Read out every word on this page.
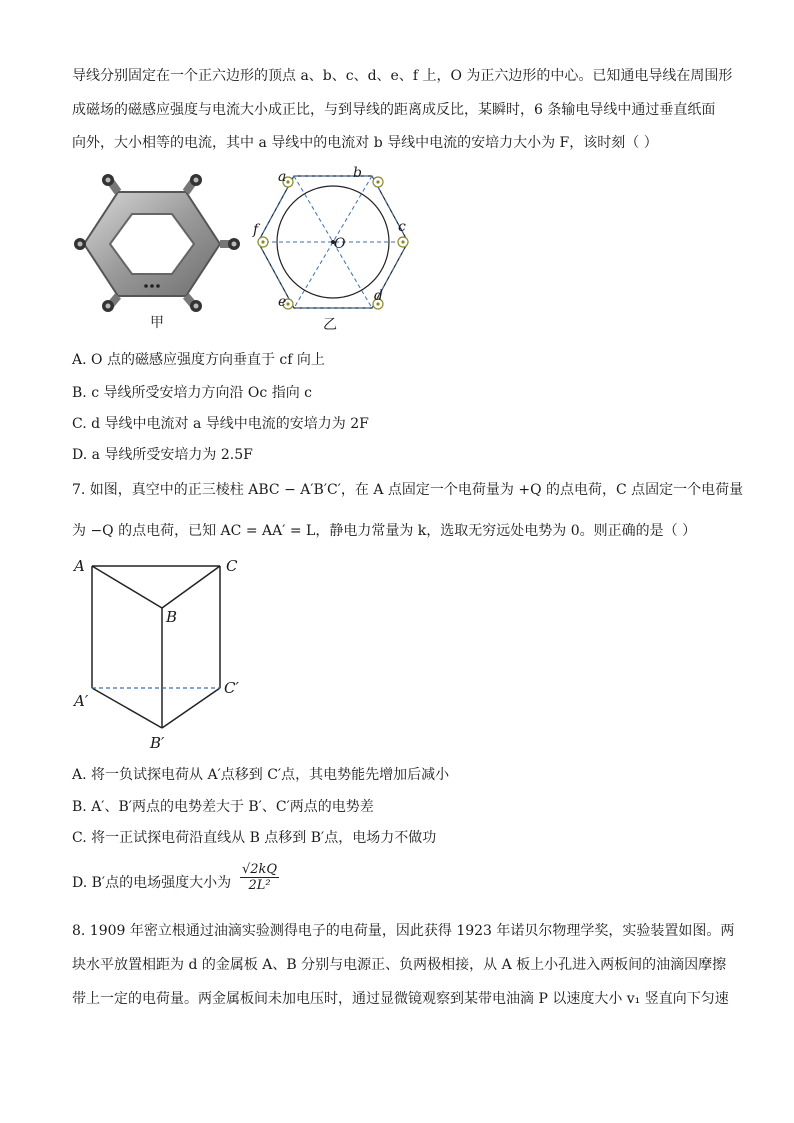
导线分别固定在一个正六边形的顶点 a、b、c、d、e、f 上，O 为正六边形的中心。已知通电导线在周围形
成磁场的磁感应强度与电流大小成正比，与到导线的距离成反比，某瞬时，6 条输电导线中通过垂直纸面
向外，大小相等的电流，其中 a 导线中的电流对 b 导线中电流的安培力大小为 F，该时刻（ ）
甲
a	b
c
d
e
f
O
乙
A. O 点的磁感应强度方向垂直于 cf 向上
B. c 导线所受安培力方向沿 Oc 指向 c
C. d 导线中电流对 a 导线中电流的安培力为 2F
D. a 导线所受安培力为 2.5F
7. 如图，真空中的正三棱柱 ABC − A′B′C′，在 A 点固定一个电荷量为 +Q 的点电荷，C 点固定一个电荷量
为 −Q 的点电荷，已知 AC = AA′ = L，静电力常量为 k，选取无穷远处电势为 0。则正确的是（ ）
A	C
B
A′
C′
B′
A. 将一负试探电荷从 A′点移到 C′点，其电势能先增加后减小
B. A′、B′两点的电势差大于 B′、C′两点的电势差
C. 将一正试探电荷沿直线从 B 点移到 B′点，电场力不做功
D. B′点的电场强度大小为 $\frac{√2kQ}{\text{2L²}}$
8. 1909 年密立根通过油滴实验测得电子的电荷量，因此获得 1923 年诺贝尔物理学奖，实验装置如图。两
块水平放置相距为 d 的金属板 A、B 分别与电源正、负两极相接，从 A 板上小孔进入两板间的油滴因摩擦
带上一定的电荷量。两金属板间未加电压时，通过显微镜观察到某带电油滴 P 以速度大小 v₁ 竖直向下匀速
